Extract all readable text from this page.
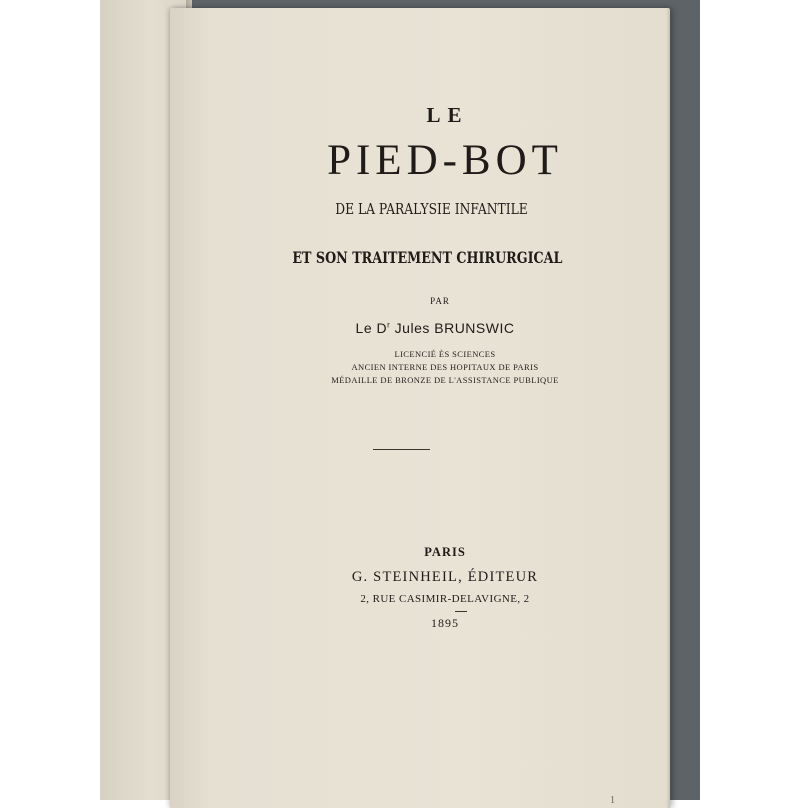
LE
PIED-BOT
DE LA PARALYSIE INFANTILE
ET SON TRAITEMENT CHIRURGICAL
PAR
Le $D^r$ Jules BRUNSWIC
LICENCIÉ ÈS SCIENCES
ANCIEN INTERNE DES HOPITAUX DE PARIS
MÉDAILLE DE BRONZE DE L'ASSISTANCE PUBLIQUE
PARIS
G. STEINHEIL, ÉDITEUR
2, RUE CASIMIR-DELAVIGNE, 2
1895
1
